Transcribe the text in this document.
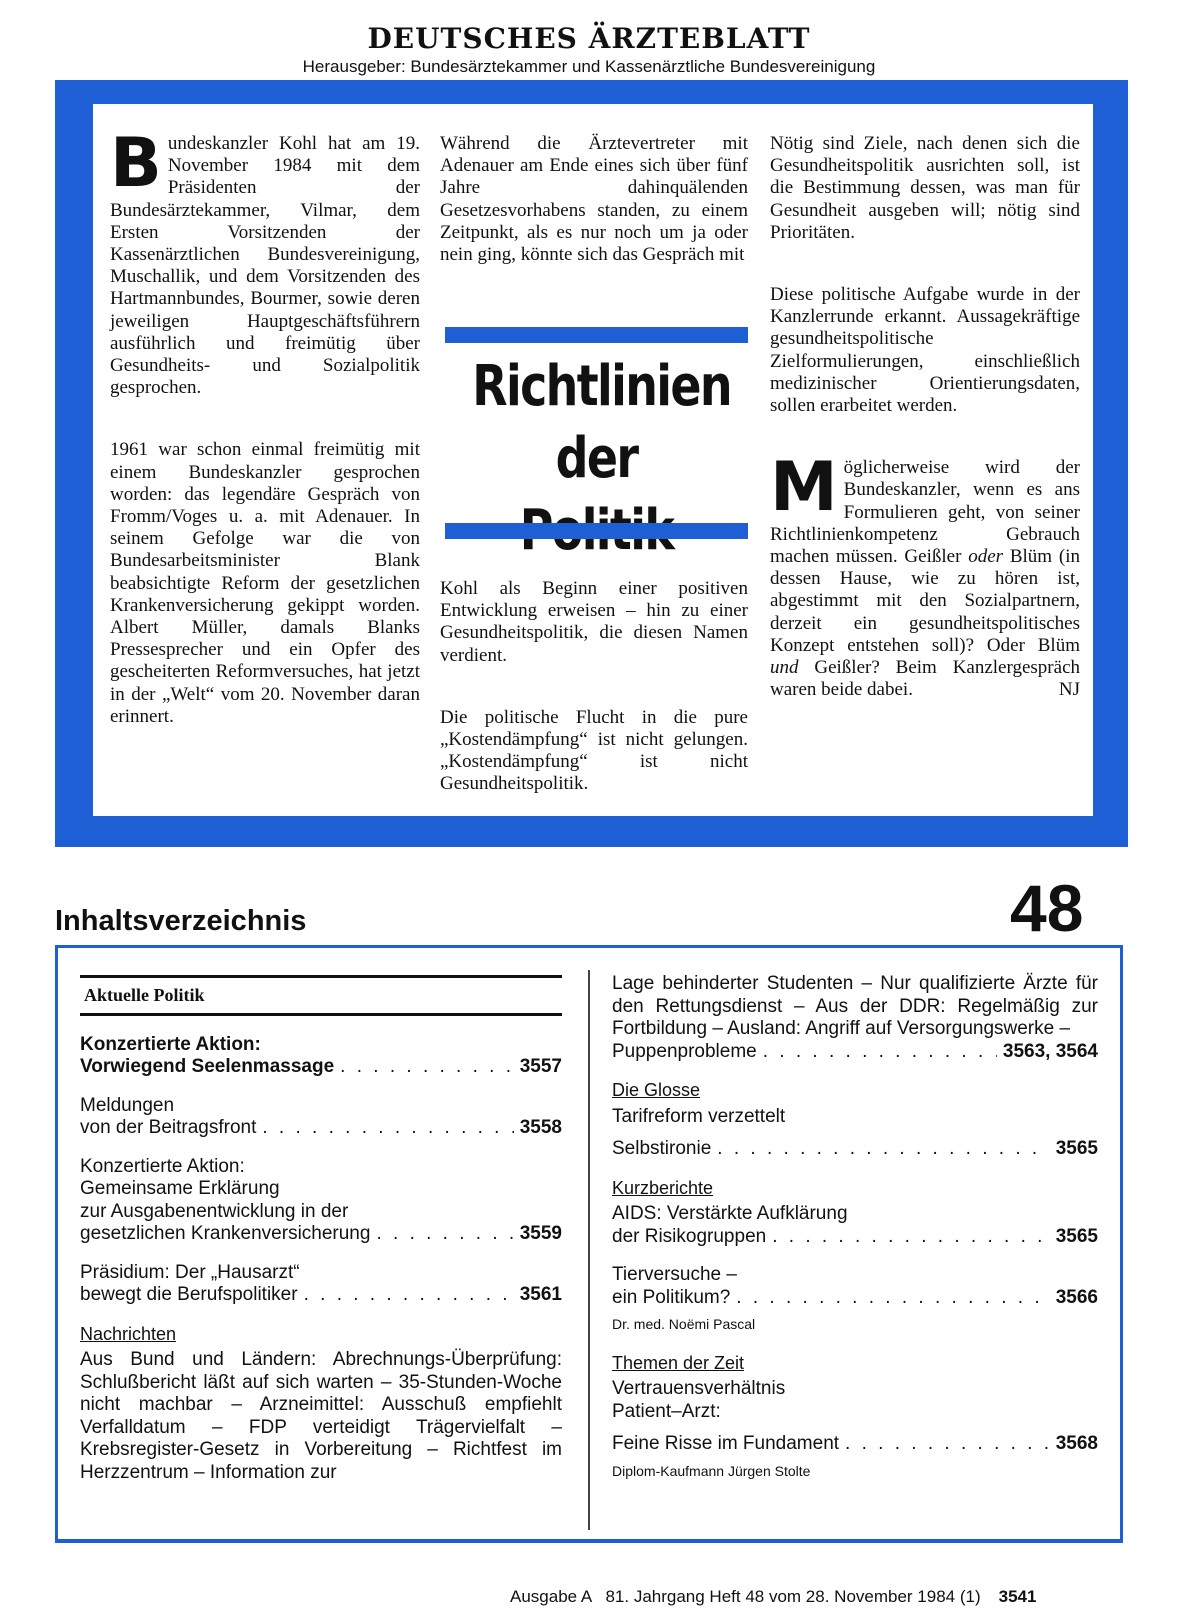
DEUTSCHES ÄRZTEBLATT
Herausgeber: Bundesärztekammer und Kassenärztliche Bundesvereinigung

Bundeskanzler Kohl hat am 19. November 1984 mit dem Präsidenten der Bundesärztekammer, Vilmar, dem Ersten Vorsitzenden der Kassenärztlichen Bundesvereinigung, Muschallik, und dem Vorsitzenden des Hartmannbundes, Bourmer, sowie deren jeweiligen Hauptgeschäftsführern ausführlich und freimütig über Gesundheits- und Sozialpolitik gesprochen.

1961 war schon einmal freimütig mit einem Bundeskanzler gesprochen worden: das legendäre Gespräch von Fromm/Voges u. a. mit Adenauer. In seinem Gefolge war die von Bundesarbeitsminister Blank beabsichtigte Reform der gesetzlichen Krankenversicherung gekippt worden. Albert Müller, damals Blanks Pressesprecher und ein Opfer des gescheiterten Reformversuches, hat jetzt in der „Welt“ vom 20. November daran erinnert.

Während die Ärztevertreter mit Adenauer am Ende eines sich über fünf Jahre dahinquälenden Gesetzesvorhabens standen, zu einem Zeitpunkt, als es nur noch um ja oder nein ging, könnte sich das Gespräch mit

Richtlinien
der

Kohl als Beginn einer positiven Entwicklung erweisen – hin zu einer Gesundheitspolitik, die diesen Namen verdient.

Die politische Flucht in die pure „Kostendämpfung“ ist nicht gelungen. „Kostendämpfung“ ist nicht Gesundheitspolitik.

Nötig sind Ziele, nach denen sich die Gesundheitspolitik ausrichten soll, ist die Bestimmung dessen, was man für Gesundheit ausgeben will; nötig sind Prioritäten.

Diese politische Aufgabe wurde in der Kanzlerrunde erkannt. Aussagekräftige gesundheitspolitische Zielformulierungen, einschließlich medizinischer Orientierungsdaten, sollen erarbeitet werden.

Möglicherweise wird der Bundeskanzler, wenn es ans Formulieren geht, von seiner Richtlinienkompetenz Gebrauch machen müssen. Geißler oder Blüm (in dessen Hause, wie zu hören ist, abgestimmt mit den Sozialpartnern, derzeit ein gesundheitspolitisches Konzept entstehen soll)? Oder Blüm und Geißler? Beim Kanzlergespräch waren beide dabei.	NJ

Inhaltsverzeichnis	48
Aktuelle Politik
Konzertierte Aktion:
Vorwiegend Seelenmassage . . .	3557
Meldungen
von der Beitragsfront . . .	3558
Konzertierte Aktion:
Gemeinsame Erklärung
zur Ausgabenentwicklung in der
gesetzlichen Krankenversicherung . . .	3559
Präsidium: Der „Hausarzt“
bewegt die Berufspolitiker . . .	3561
Nachrichten
Aus Bund und Ländern: Abrechnungs-Überprüfung: Schlußbericht läßt auf sich warten – 35-Stunden-Woche nicht machbar – Arzneimittel: Ausschuß empfiehlt Verfalldatum – FDP verteidigt Trägervielfalt – Krebsregister-Gesetz in Vorbereitung – Richtfest im Herzzentrum – Information zur
Lage behinderter Studenten – Nur qualifizierte Ärzte für den Rettungsdienst – Aus der DDR: Regelmäßig zur Fortbildung – Ausland: Angriff auf Versorgungswerke –
Puppenprobleme . . .	3563, 3564
Die Glosse
Tarifreform verzettelt
Selbstironie . . .	3565
Kurzberichte
AIDS: Verstärkte Aufklärung
der Risikogruppen . . .	3565
Tierversuche –
ein Politikum? . . .	3566
Dr. med. Noëmi Pascal
Themen der Zeit
Vertrauensverhältnis
Patient–Arzt:
Feine Risse im Fundament . . .	3568
Diplom-Kaufmann Jürgen Stolte
Ausgabe A   81. Jahrgang Heft 48 vom 28. November 1984 (1) 3541
